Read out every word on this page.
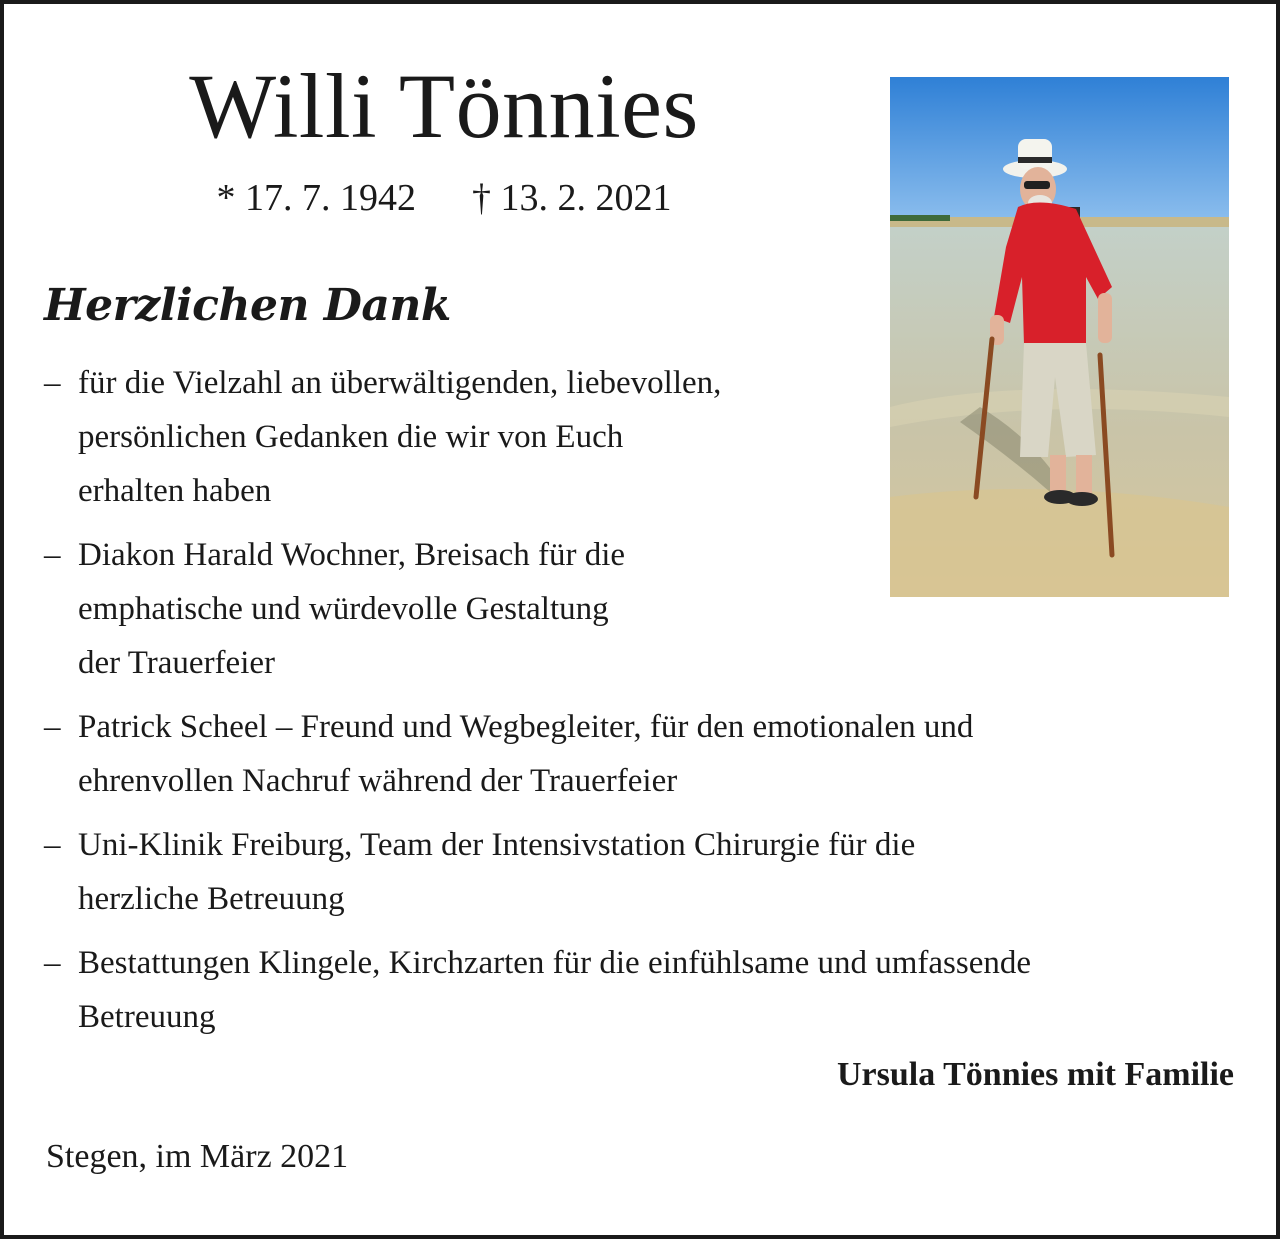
Willi Tönnies
* 17. 7. 1942 † 13. 2. 2021
Herzlichen Dank
– für die Vielzahl an überwältigenden, liebevollen,
persönlichen Gedanken die wir von Euch
erhalten haben
– Diakon Harald Wochner, Breisach für die
emphatische und würdevolle Gestaltung
der Trauerfeier
– Patrick Scheel – Freund und Wegbegleiter, für den emotionalen und
ehrenvollen Nachruf während der Trauerfeier
– Uni-Klinik Freiburg, Team der Intensivstation Chirurgie für die
herzliche Betreuung
– Bestattungen Klingele, Kirchzarten für die einfühlsame und umfassende
Betreuung
Ursula Tönnies mit Familie
Stegen, im März 2021
